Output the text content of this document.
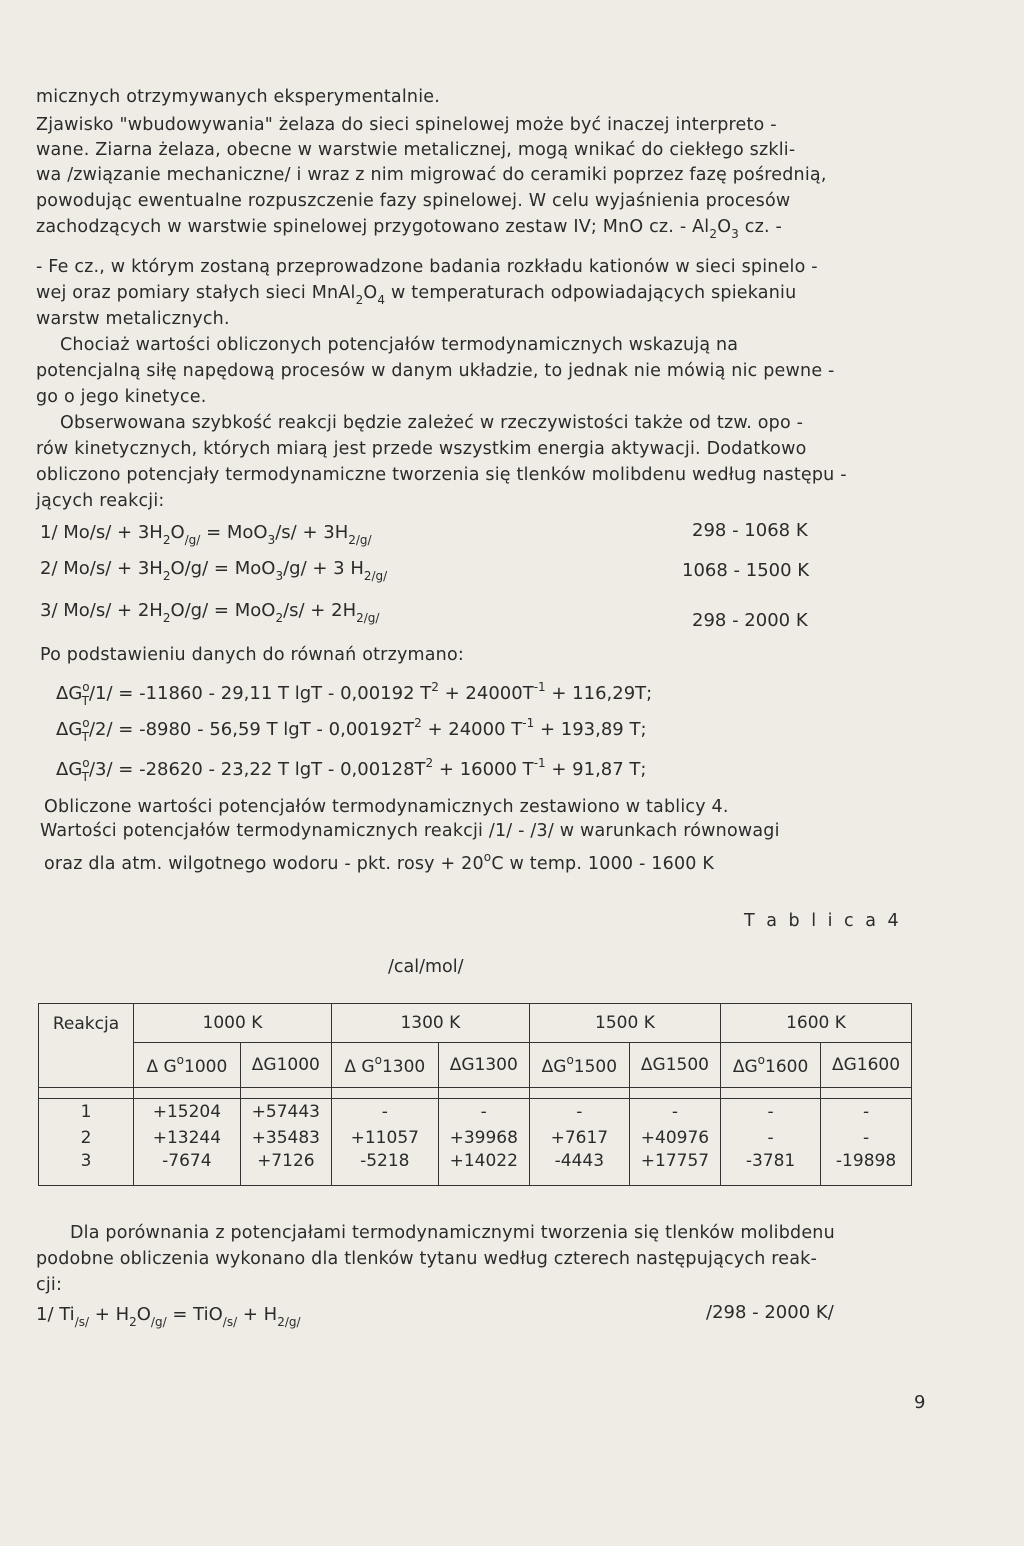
micznych otrzymywanych eksperymentalnie.
Zjawisko "wbudowywania" żelaza do sieci spinelowej może być inaczej interpreto -
wane. Ziarna żelaza, obecne w warstwie metalicznej, mogą wnikać do ciekłego szkli-
wa /związanie mechaniczne/ i wraz z nim migrować do ceramiki poprzez fazę pośrednią,
powodując ewentualne rozpuszczenie fazy spinelowej. W celu wyjaśnienia procesów
zachodzących w warstwie spinelowej przygotowano zestaw IV; MnO cz. - $Al_2O_3$ cz. -
- Fe cz., w którym zostaną przeprowadzone badania rozkładu kationów w sieci spinelo -
wej oraz pomiary stałych sieci $MnAl_2O_4$ w temperaturach odpowiadających spiekaniu
warstw metalicznych.
Chociaż wartości obliczonych potencjałów termodynamicznych wskazują na
potencjalną siłę napędową procesów w danym układzie, to jednak nie mówią nic pewne -
go o jego kinetyce.
Obserwowana szybkość reakcji będzie zależeć w rzeczywistości także od tzw. opo -
rów kinetycznych, których miarą jest przede wszystkim energia aktywacji. Dodatkowo
obliczono potencjały termodynamiczne tworzenia się tlenków molibdenu według następu -
jących reakcji:
1/ $Mo/s/ + 3H_2O_{/g/} = MoO_3/s/ + 3H_{2/g/}$	298 - 1068 K
2/ $Mo/s/ + 3H_2O/g/ = MoO_3/g/ + 3$ $H_{2/g/}$	1068 - 1500 K
3/ $Mo/s/ + 2H_2O/g/ = MoO_2/s/ + 2H_{2/g/}$	298 - 2000 K
Po podstawieniu danych do równań otrzymano:
$\Delta G^o_T/1/ = -11860 - 29,11$ T lgT - 0,00192 $T^2 + 24000T^{-1} + 116,29T$;
$\Delta G^o_T/2/ = -8980 - 56,59$ T $\lg T - 0,00192T^2 + 24000$ $T^{-1} + 193,89$ T;
$\Delta G^o_T/3/ = -28620 - 23,22$ T $\lg T - 0,00128T^2 + 16000$ $T^{-1} + 91,87$ T;
Obliczone wartości potencjałów termodynamicznych zestawiono w tablicy 4.
Wartości potencjałów termodynamicznych reakcji /1/ - /3/ w warunkach równowagi
oraz dla atm. wilgotnego wodoru - pkt. rosy + $20^oC$ w temp. 1000 - 1600 K
T a b l i c a 4
/cal/mol/
Reakcja	1000 K		1300 K		1500 K		1600 K	
	Δ $G^o1000$	ΔG1000	Δ $G^o1300$	ΔG1300	$\Delta G^o1500$	ΔG1500	$\Delta G^o1600$	ΔG1600

1	+15204	+57443	-	-	-	-	-	-
2	+13244	+35483	+11057	+39968	+7617	+40976	-	-
3	-7674	+7126	-5218	+14022	-4443	+17757	-3781	-19898
Dla porównania z potencjałami termodynamicznymi tworzenia się tlenków molibdenu
podobne obliczenia wykonano dla tlenków tytanu według czterech następujących reak-
cji:
1/ $Ti_{/s/} + H_2O_{/g/} = TiO_{/s/} + H_{2/g/}$	/298 - 2000 K/
9
